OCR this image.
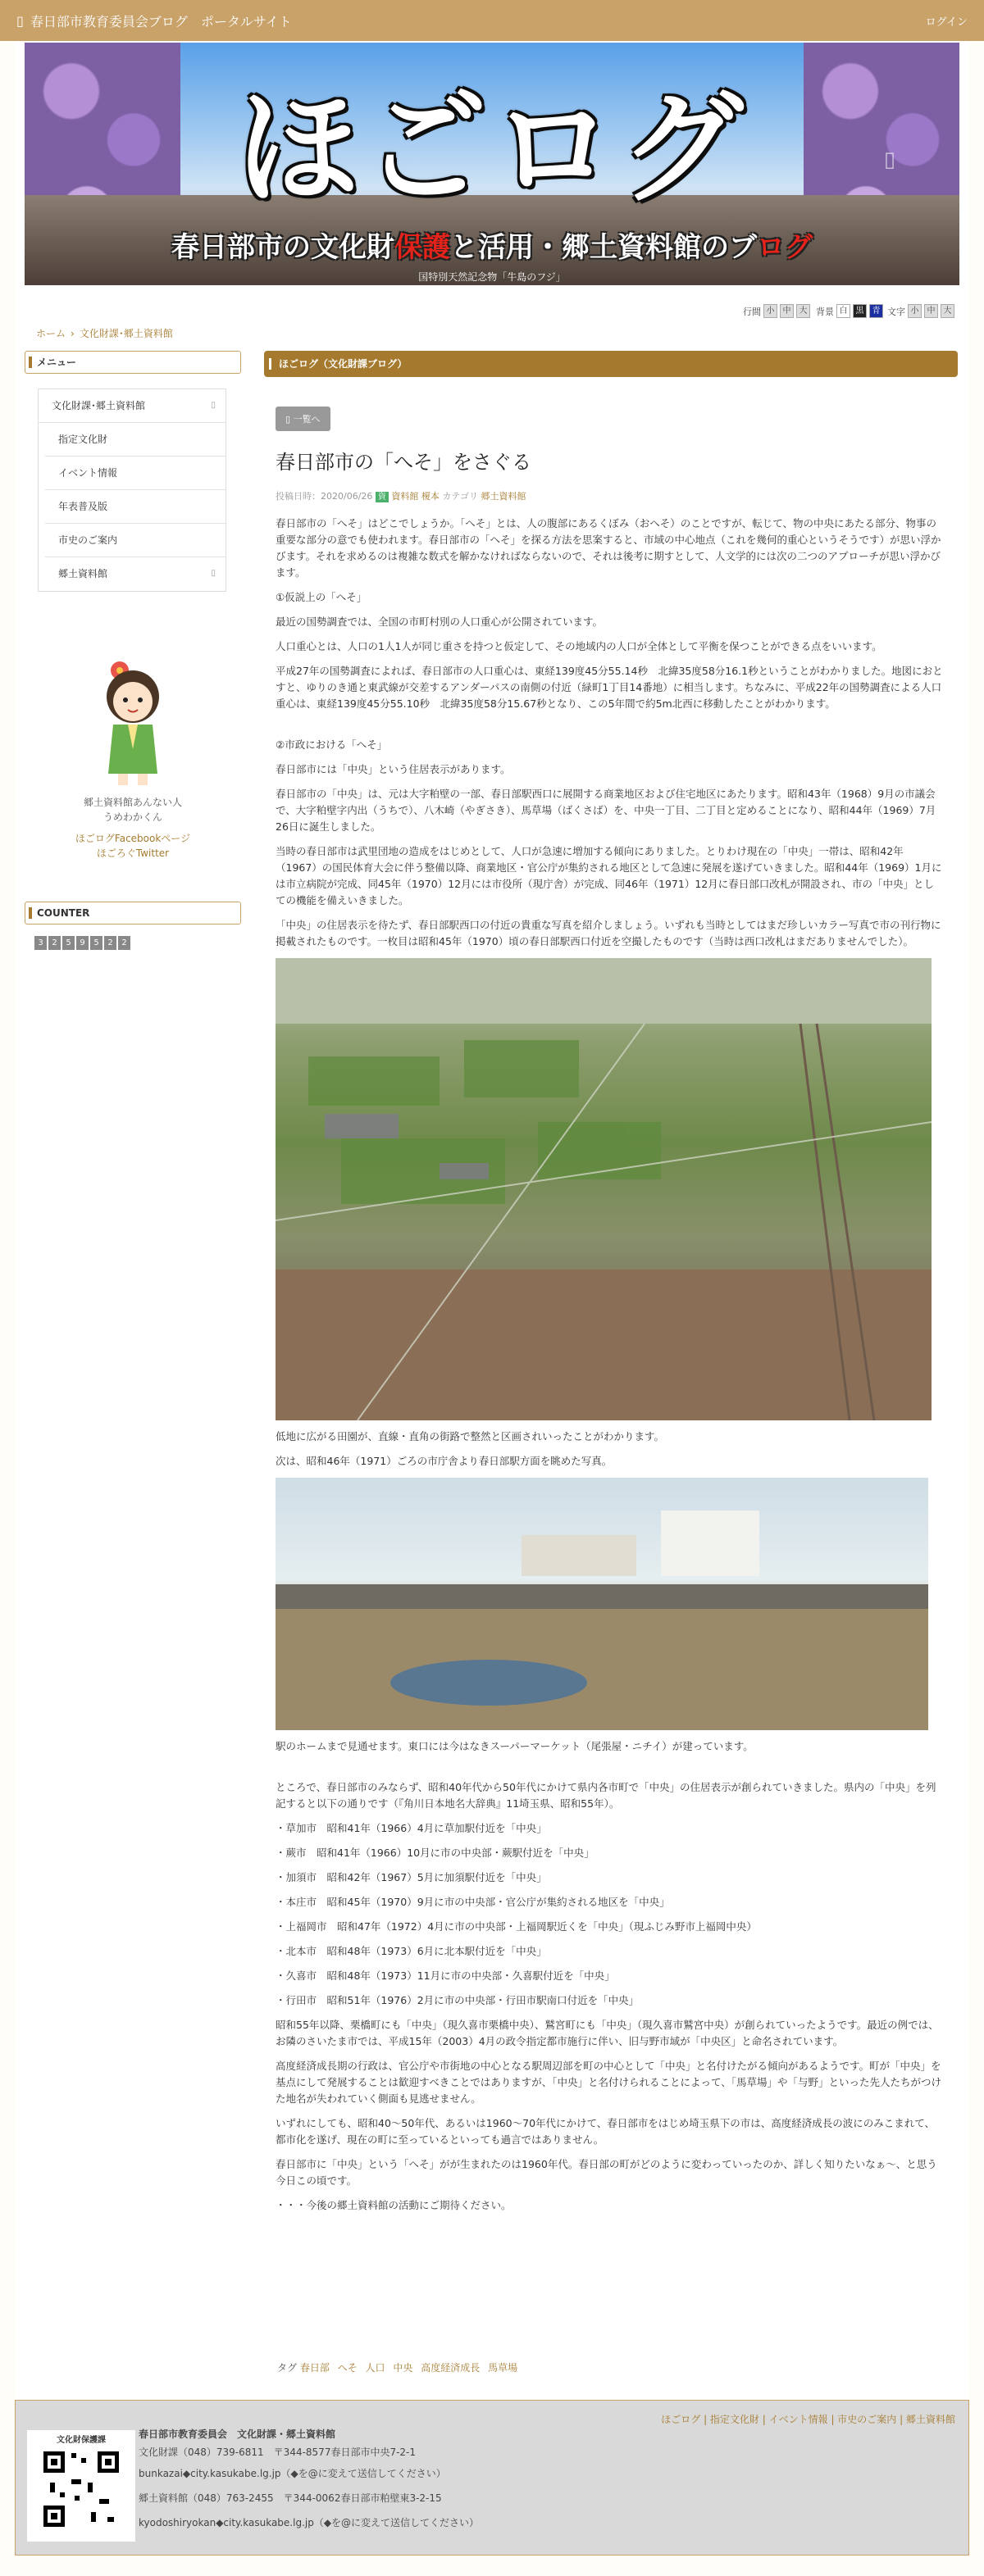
▯ 春日部市教育委員会ブログ　ポータルサイト	ログイン
ほごログ
春日部市の文化財保護と活用・郷土資料館のブログ
▯
国特別天然記念物「牛島のフジ」
行間 小	中	大 背景 白	黒	青 文字 小	中	大
ホーム › 文化財課･郷土資料館
メニュー
文化財課･郷土資料館	▯
指定文化財
イベント情報
年表普及版
市史のご案内
郷土資料館	▯
郷土資料館あんない人
うめわかくん
ほごログFacebookページ
ほごろぐTwitter
COUNTER
3	2	5	9	5	2	2
ほごログ（文化財課ブログ）
▯ 一覧へ
春日部市の「へそ」をさぐる
投稿日時：2020/06/26 資 資料館 榎本 カテゴリ 郷土資料館

春日部市の「へそ」はどこでしょうか。「へそ」とは、人の腹部にあるくぼみ（おへそ）のことですが、転じて、物の中央にあたる部分、物事の重要な部分の意でも使われます。春日部市の「へそ」を探る方法を思案すると、市域の中心地点（これを幾何的重心というそうです）が思い浮かびます。それを求めるのは複雑な数式を解かなければならないので、それは後考に期すとして、人文学的には次の二つのアプローチが思い浮かびます。

①仮説上の「へそ」

最近の国勢調査では、全国の市町村別の人口重心が公開されています。

人口重心とは、人口の1人1人が同じ重さを持つと仮定して、その地域内の人口が全体として平衡を保つことができる点をいいます。

平成27年の国勢調査によれば、春日部市の人口重心は、東経139度45分55.14秒　北緯35度58分16.1秒ということがわかりました。地図におとすと、ゆりのき通と東武線が交差するアンダーパスの南側の付近（緑町1丁目14番地）に相当します。ちなみに、平成22年の国勢調査による人口重心は、東経139度45分55.10秒　北緯35度58分15.67秒となり、この5年間で約5m北西に移動したことがわかります。

②市政における「へそ」

春日部市には「中央」という住居表示があります。

春日部市の「中央」は、元は大字粕壁の一部、春日部駅西口に展開する商業地区および住宅地区にあたります。昭和43年（1968）9月の市議会で、大字粕壁字内出（うちで）、八木崎（やぎさき）、馬草場（ばくさば）を、中央一丁目、二丁目と定めることになり、昭和44年（1969）7月26日に誕生しました。

当時の春日部市は武里団地の造成をはじめとして、人口が急速に増加する傾向にありました。とりわけ現在の「中央」一帯は、昭和42年（1967）の国民体育大会に伴う整備以降、商業地区・官公庁が集約される地区として急速に発展を遂げていきました。昭和44年（1969）1月には市立病院が完成、同45年（1970）12月には市役所（現庁舎）が完成、同46年（1971）12月に春日部口改札が開設され、市の「中央」としての機能を備えいきました。

「中央」の住居表示を待たず、春日部駅西口の付近の貴重な写真を紹介しましょう。いずれも当時としてはまだ珍しいカラー写真で市の刊行物に掲載されたものです。一枚目は昭和45年（1970）頃の春日部駅西口付近を空撮したものです（当時は西口改札はまだありませんでした）。

低地に広がる田園が、直線・直角の街路で整然と区画されいったことがわかります。

次は、昭和46年（1971）ごろの市庁舎より春日部駅方面を眺めた写真。

駅のホームまで見通せます。東口には今はなきスーパーマーケット（尾張屋・ニチイ）が建っています。

ところで、春日部市のみならず、昭和40年代から50年代にかけて県内各市町で「中央」の住居表示が創られていきました。県内の「中央」を列記すると以下の通りです（『角川日本地名大辞典』11埼玉県、昭和55年）。

・草加市　昭和41年（1966）4月に草加駅付近を「中央」

・蕨市　昭和41年（1966）10月に市の中央部・蕨駅付近を「中央」

・加須市　昭和42年（1967）5月に加須駅付近を「中央」

・本庄市　昭和45年（1970）9月に市の中央部・官公庁が集約される地区を「中央」

・上福岡市　昭和47年（1972）4月に市の中央部・上福岡駅近くを「中央」（現ふじみ野市上福岡中央）

・北本市　昭和48年（1973）6月に北本駅付近を「中央」

・久喜市　昭和48年（1973）11月に市の中央部・久喜駅付近を「中央」

・行田市　昭和51年（1976）2月に市の中央部・行田市駅南口付近を「中央」

昭和55年以降、栗橋町にも「中央」（現久喜市栗橋中央）、鷲宮町にも「中央」（現久喜市鷲宮中央）が創られていったようです。最近の例では、お隣のさいたま市では、平成15年（2003）4月の政令指定都市施行に伴い、旧与野市域が「中央区」と命名されています。

高度経済成長期の行政は、官公庁や市街地の中心となる駅周辺部を町の中心として「中央」と名付けたがる傾向があるようです。町が「中央」を基点にして発展することは歓迎すべきことではありますが、「中央」と名付けられることによって、「馬草場」や「与野」といった先人たちがつけた地名が失われていく側面も見逃せません。

いずれにしても、昭和40～50年代、あるいは1960～70年代にかけて、春日部市をはじめ埼玉県下の市は、高度経済成長の波にのみこまれて、都市化を遂げ、現在の町に至っているといっても過言ではありません。

春日部市に「中央」という「へそ」がが生まれたのは1960年代。春日部の町がどのように変わっていったのか、詳しく知りたいなぁ～、と思う今日この頃です。

・・・今後の郷土資料館の活動にご期待ください。

タグ 春日部 へそ 人口 中央 高度経済成長 馬草場
ほごログ | 指定文化財 | イベント情報 | 市史のご案内 | 郷土資料館
文化財保護課
春日部市教育委員会　文化財課・郷土資料館
文化財課（048）739-6811　〒344-8577春日部市中央7-2-1
bunkazai◆city.kasukabe.lg.jp（◆を@に変えて送信してください）
郷土資料館（048）763-2455　〒344-0062春日部市粕壁東3-2-15
kyodoshiryokan◆city.kasukabe.lg.jp（◆を@に変えて送信してください）
